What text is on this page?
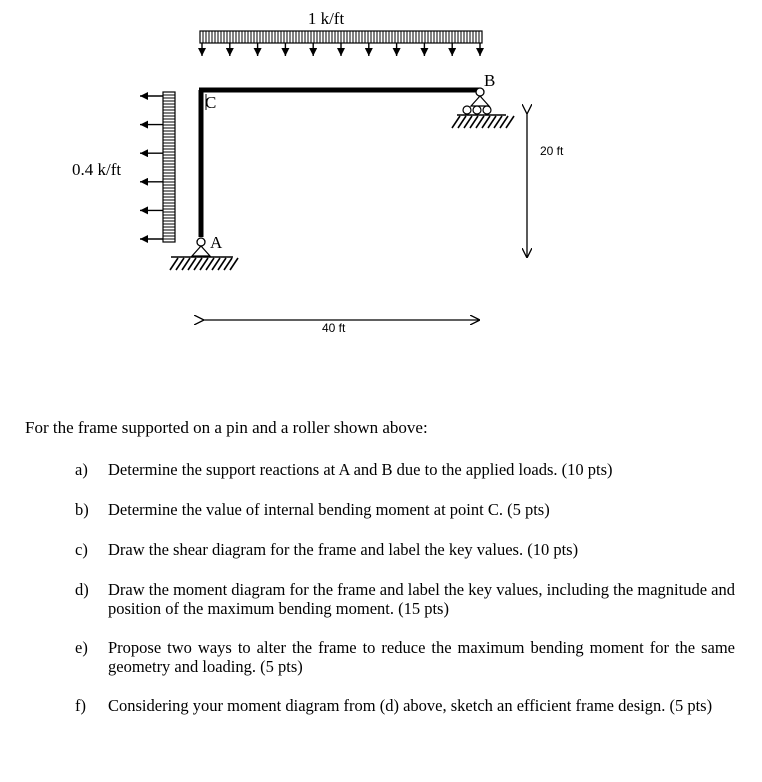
1 k/ft
0.4 k/ft
C
B
A
20 ft
40 ft
For the frame supported on a pin and a roller shown above:
a)	Determine the support reactions at A and B due to the applied loads. (10 pts)
b)	Determine the value of internal bending moment at point C. (5 pts)
c)	Draw the shear diagram for the frame and label the key values. (10 pts)
d)	Draw the moment diagram for the frame and label the key values, including the magnitude and position of the maximum bending moment. (15 pts)
e)	Propose two ways to alter the frame to reduce the maximum bending moment for the same geometry and loading. (5 pts)
f)	Considering your moment diagram from (d) above, sketch an efficient frame design. (5 pts)
